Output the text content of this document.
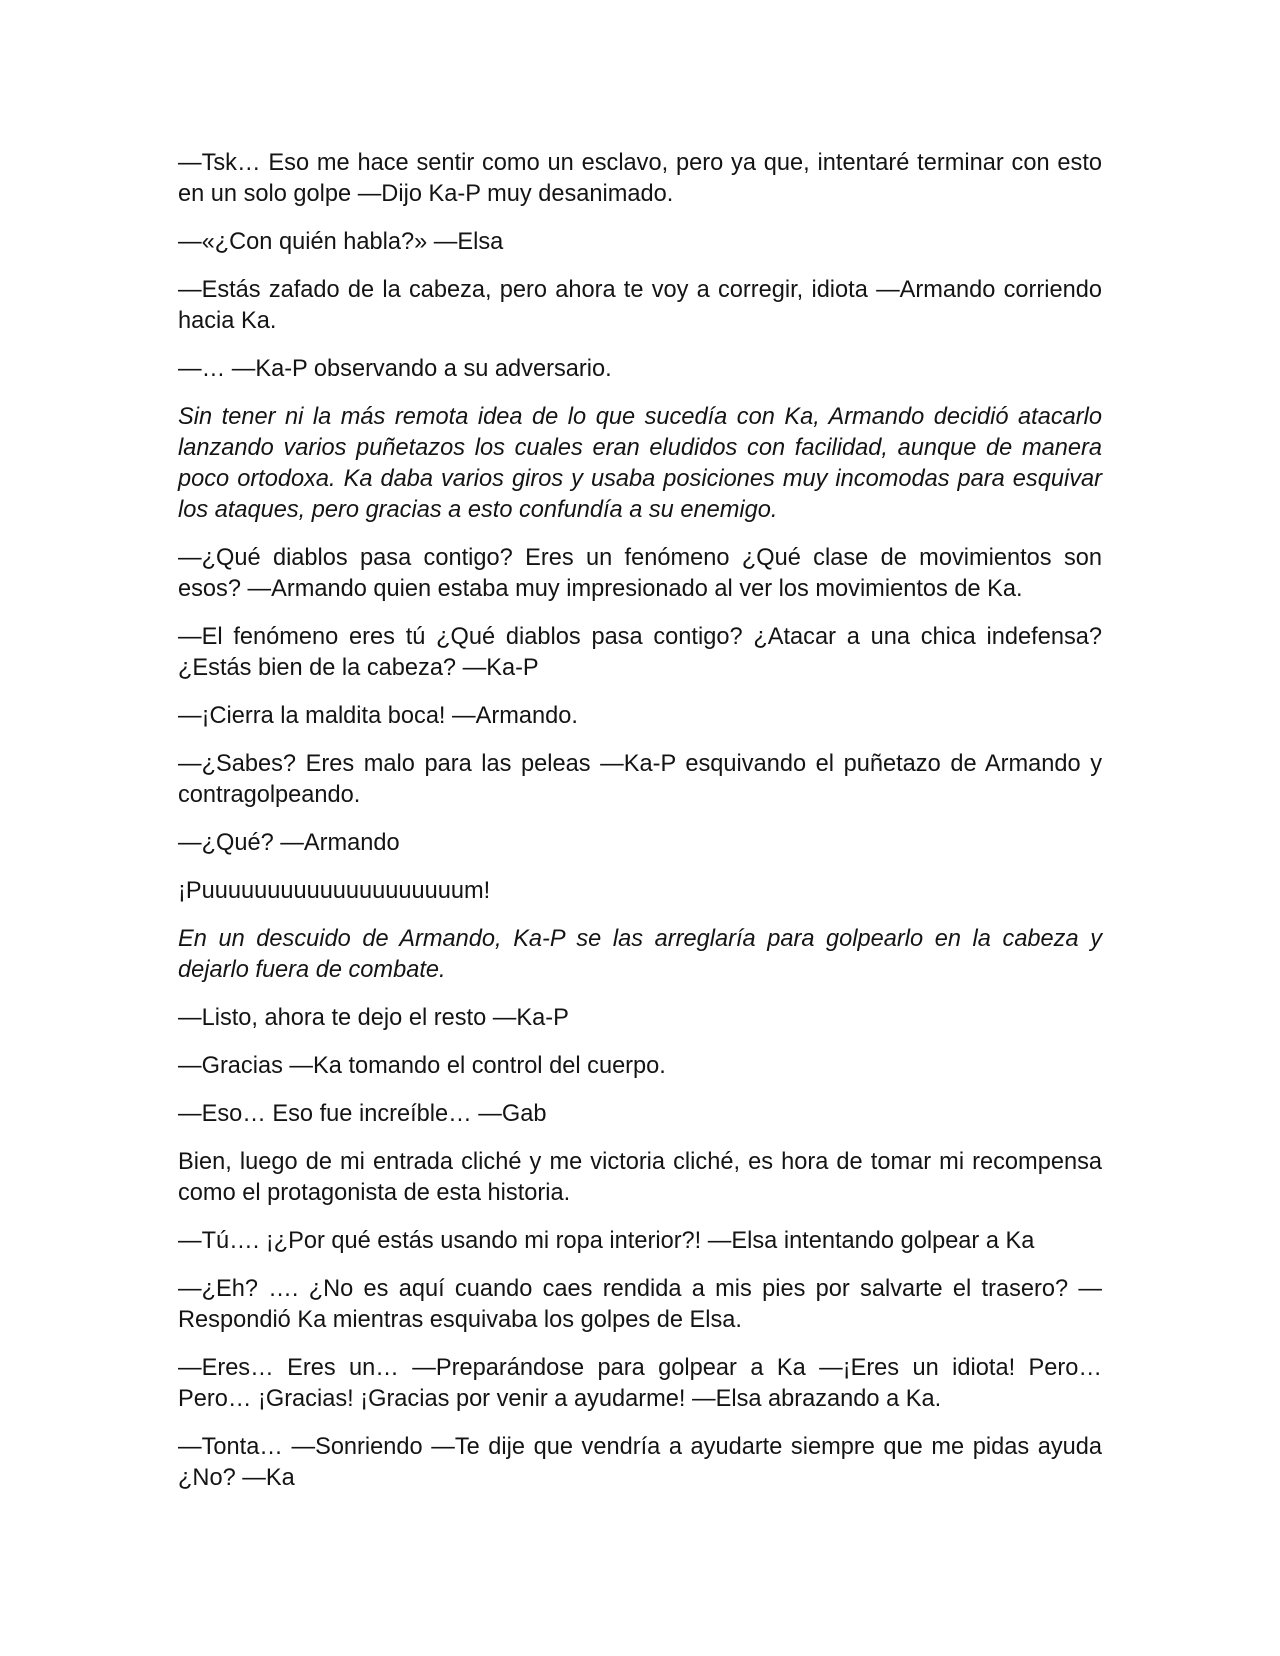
—Tsk… Eso me hace sentir como un esclavo, pero ya que, intentaré terminar con esto en un solo golpe —Dijo Ka-P muy desanimado.

—«¿Con quién habla?» —Elsa

—Estás zafado de la cabeza, pero ahora te voy a corregir, idiota —Armando corriendo hacia Ka.

—… —Ka-P observando a su adversario.

Sin tener ni la más remota idea de lo que sucedía con Ka, Armando decidió atacarlo lanzando varios puñetazos los cuales eran eludidos con facilidad, aunque de manera poco ortodoxa. Ka daba varios giros y usaba posiciones muy incomodas para esquivar los ataques, pero gracias a esto confundía a su enemigo.

—¿Qué diablos pasa contigo? Eres un fenómeno ¿Qué clase de movimientos son esos? —Armando quien estaba muy impresionado al ver los movimientos de Ka.

—El fenómeno eres tú ¿Qué diablos pasa contigo? ¿Atacar a una chica indefensa? ¿Estás bien de la cabeza? —Ka-P

—¡Cierra la maldita boca! —Armando.

—¿Sabes? Eres malo para las peleas —Ka-P esquivando el puñetazo de Armando y contragolpeando.

—¿Qué? —Armando

¡Puuuuuuuuuuuuuuuuuuuum!

En un descuido de Armando, Ka-P se las arreglaría para golpearlo en la cabeza y dejarlo fuera de combate.

—Listo, ahora te dejo el resto —Ka-P

—Gracias —Ka tomando el control del cuerpo.

—Eso… Eso fue increíble… —Gab

Bien, luego de mi entrada cliché y me victoria cliché, es hora de tomar mi recompensa como el protagonista de esta historia.

—Tú…. ¡¿Por qué estás usando mi ropa interior?! —Elsa intentando golpear a Ka

—¿Eh? …. ¿No es aquí cuando caes rendida a mis pies por salvarte el trasero? —Respondió Ka mientras esquivaba los golpes de Elsa.

—Eres… Eres un… —Preparándose para golpear a Ka —¡Eres un idiota! Pero… Pero… ¡Gracias! ¡Gracias por venir a ayudarme! —Elsa abrazando a Ka.

—Tonta… —Sonriendo —Te dije que vendría a ayudarte siempre que me pidas ayuda ¿No? —Ka
